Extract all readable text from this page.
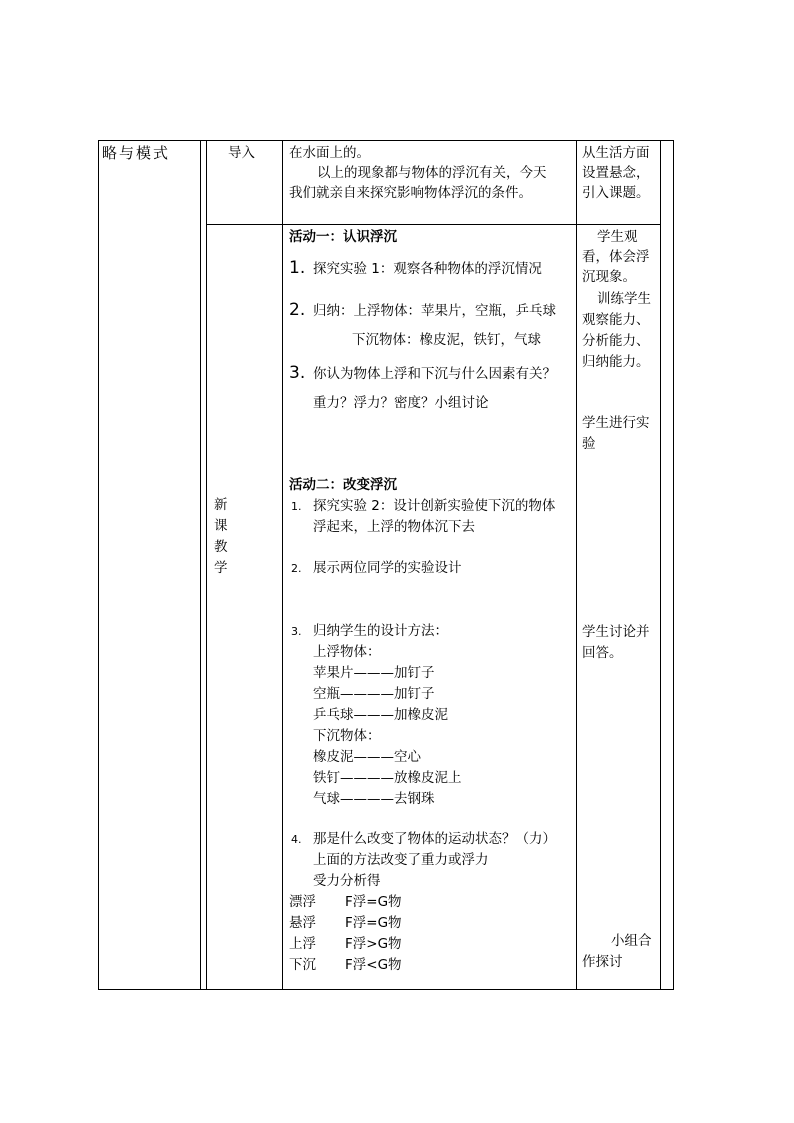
略与模式	导入
新
课
教
学
在水面上的。
以上的现象都与物体的浮沉有关，今天
我们就亲自来探究影响物体浮沉的条件。
从生活方面
设置悬念，
引入课题。
活动一：认识浮沉
1. 探究实验 1：观察各种物体的浮沉情况
2. 归纳：上浮物体：苹果片，空瓶，乒乓球
下沉物体：橡皮泥，铁钉，气球
3. 你认为物体上浮和下沉与什么因素有关？
重力？浮力？密度？小组讨论
活动二：改变浮沉
1. 探究实验 2：设计创新实验使下沉的物体
浮起来，上浮的物体沉下去
2. 展示两位同学的实验设计
3. 归纳学生的设计方法：
上浮物体：
苹果片———加钉子
空瓶————加钉子
乒乓球———加橡皮泥
下沉物体：
橡皮泥———空心
铁钉————放橡皮泥上
气球————去钢珠
4. 那是什么改变了物体的运动状态？（力）
上面的方法改变了重力或浮力
受力分析得
漂浮 F浮=G物
悬浮 F浮=G物
上浮 F浮>G物
下沉 F浮<G物
学生观
看，体会浮
沉现象。
训练学生
观察能力、
分析能力、
归纳能力。
学生进行实
验
学生讨论并
回答。
小组合
作探讨
